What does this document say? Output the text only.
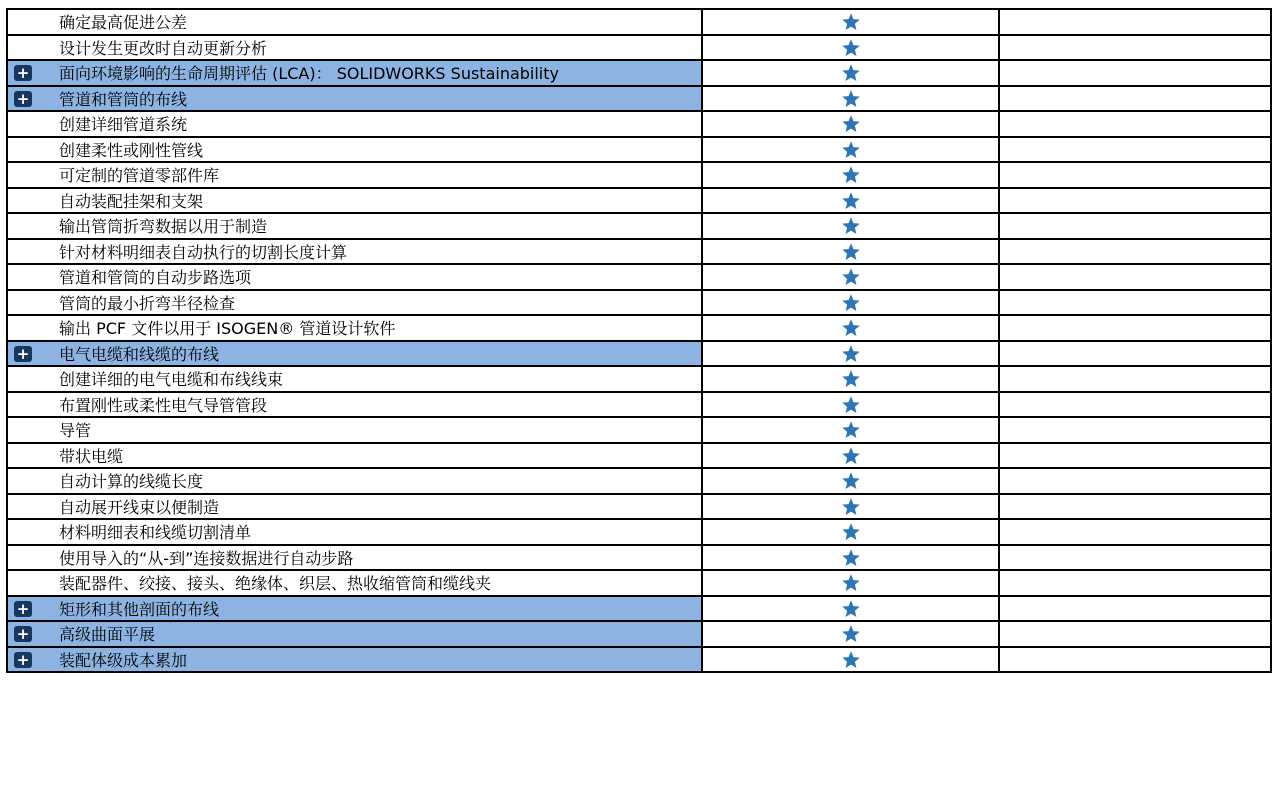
确定最高促进公差

设计发生更改时自动更新分析

+ 面向环境影响的生命周期评估 (LCA)： SOLIDWORKS Sustainability

+ 管道和管筒的布线

创建详细管道系统

创建柔性或刚性管线

可定制的管道零部件库

自动装配挂架和支架

输出管筒折弯数据以用于制造

针对材料明细表自动执行的切割长度计算

管道和管筒的自动步路选项

管筒的最小折弯半径检查

输出 PCF 文件以用于 ISOGEN® 管道设计软件

+ 电气电缆和线缆的布线

创建详细的电气电缆和布线线束

布置刚性或柔性电气导管管段

导管

带状电缆

自动计算的线缆长度

自动展开线束以便制造

材料明细表和线缆切割清单

使用导入的“从-到”连接数据进行自动步路

装配器件、绞接、接头、绝缘体、织层、热收缩管筒和缆线夹

+ 矩形和其他剖面的布线

+ 高级曲面平展

+ 装配体级成本累加
